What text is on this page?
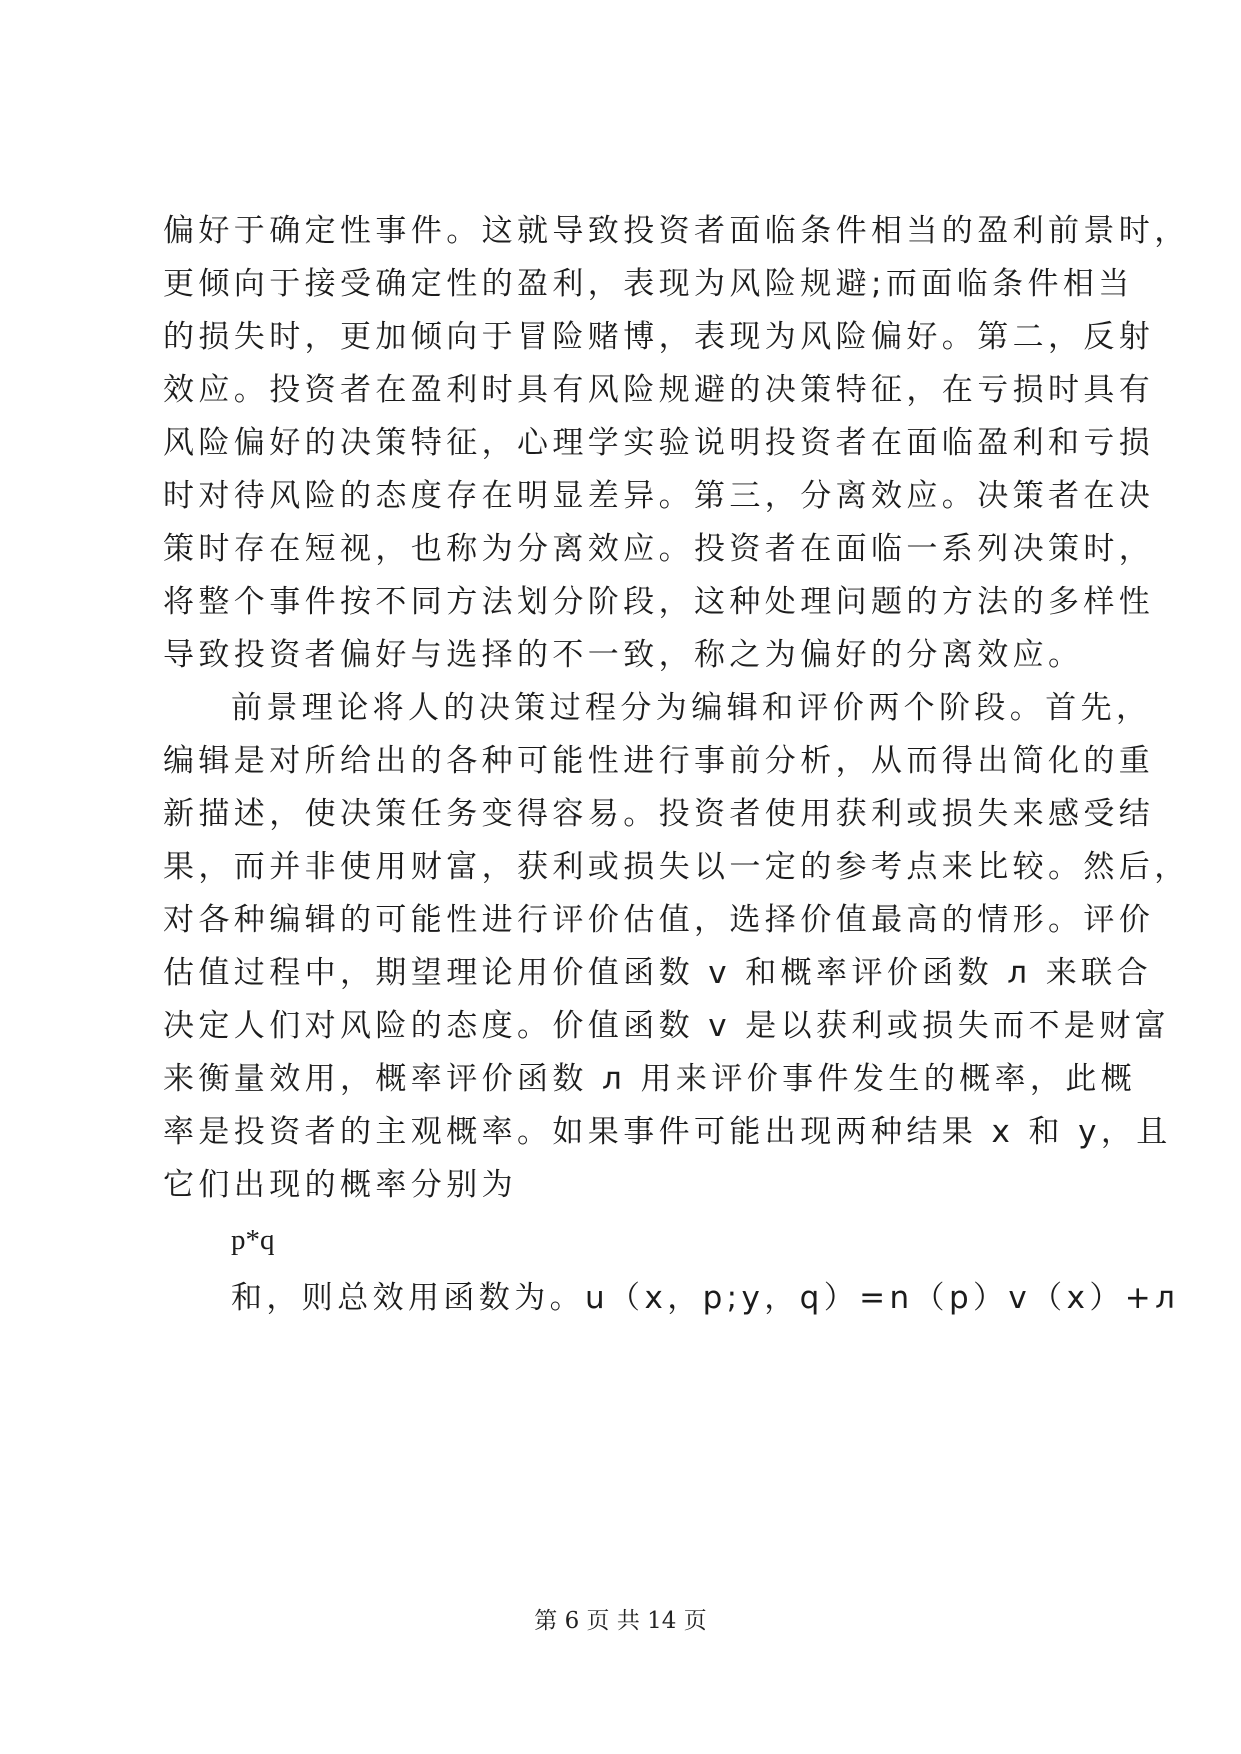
偏好于确定性事件。这就导致投资者面临条件相当的盈利前景时，
更倾向于接受确定性的盈利，表现为风险规避;而面临条件相当
的损失时，更加倾向于冒险赌博，表现为风险偏好。第二，反射
效应。投资者在盈利时具有风险规避的决策特征，在亏损时具有
风险偏好的决策特征，心理学实验说明投资者在面临盈利和亏损
时对待风险的态度存在明显差异。第三，分离效应。决策者在决
策时存在短视，也称为分离效应。投资者在面临一系列决策时，
将整个事件按不同方法划分阶段，这种处理问题的方法的多样性
导致投资者偏好与选择的不一致，称之为偏好的分离效应。
前景理论将人的决策过程分为编辑和评价两个阶段。首先，
编辑是对所给出的各种可能性进行事前分析，从而得出简化的重
新描述，使决策任务变得容易。投资者使用获利或损失来感受结
果，而并非使用财富，获利或损失以一定的参考点来比较。然后，
对各种编辑的可能性进行评价估值，选择价值最高的情形。评价
估值过程中，期望理论用价值函数 v 和概率评价函数 л 来联合
决定人们对风险的态度。价值函数 v 是以获利或损失而不是财富
来衡量效用，概率评价函数 л 用来评价事件发生的概率，此概
率是投资者的主观概率。如果事件可能出现两种结果 x 和 y，且
它们出现的概率分别为
p*q
和，则总效用函数为。u（x，p;y，q）=n（p）v（x）+л
第 6 页 共 14 页
